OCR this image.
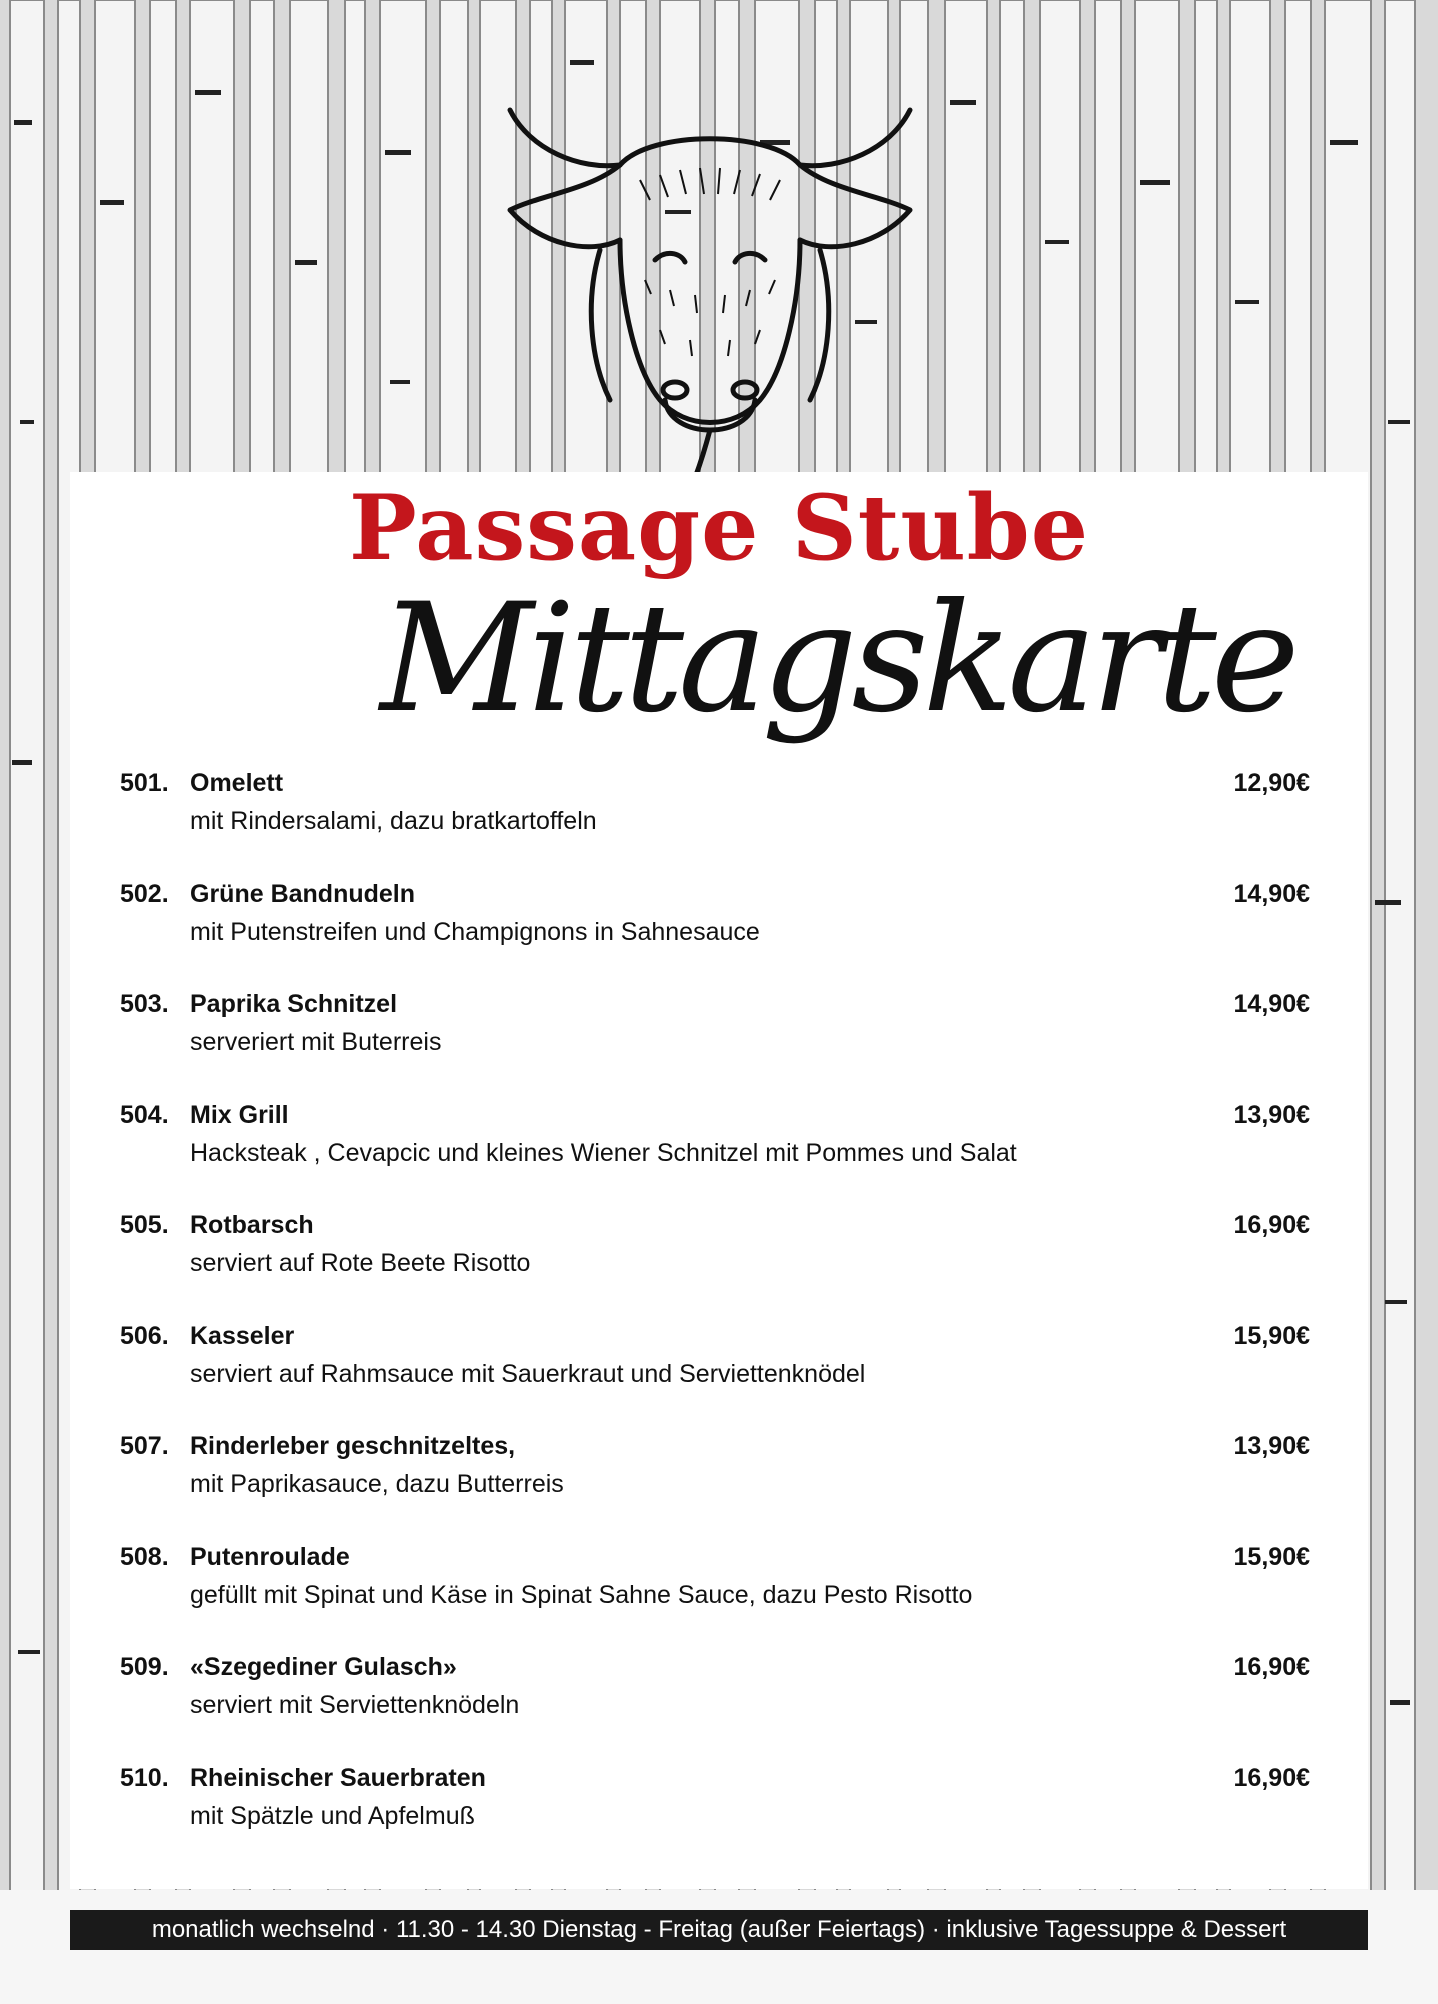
Passage Stube
Mittagskarte
501. Omelett	12,90€
mit Rindersalami, dazu bratkartoffeln
502. Grüne Bandnudeln	14,90€
mit Putenstreifen und Champignons in Sahnesauce
503. Paprika Schnitzel	14,90€
serveriert mit Buterreis
504. Mix Grill	13,90€
Hacksteak , Cevapcic und kleines Wiener Schnitzel mit Pommes und Salat
505. Rotbarsch	16,90€
serviert auf Rote Beete Risotto
506. Kasseler	15,90€
serviert auf Rahmsauce mit Sauerkraut und Serviettenknödel
507. Rinderleber geschnitzeltes,	13,90€
mit Paprikasauce, dazu Butterreis
508. Putenroulade	15,90€
gefüllt mit Spinat und Käse in Spinat Sahne Sauce, dazu Pesto Risotto
509. «Szegediner Gulasch»	16,90€
serviert mit Serviettenknödeln
510. Rheinischer Sauerbraten	16,90€
mit Spätzle und Apfelmuß
monatlich wechselnd · 11.30 - 14.30 Dienstag - Freitag (außer Feiertags) · inklusive Tagessuppe & Dessert
